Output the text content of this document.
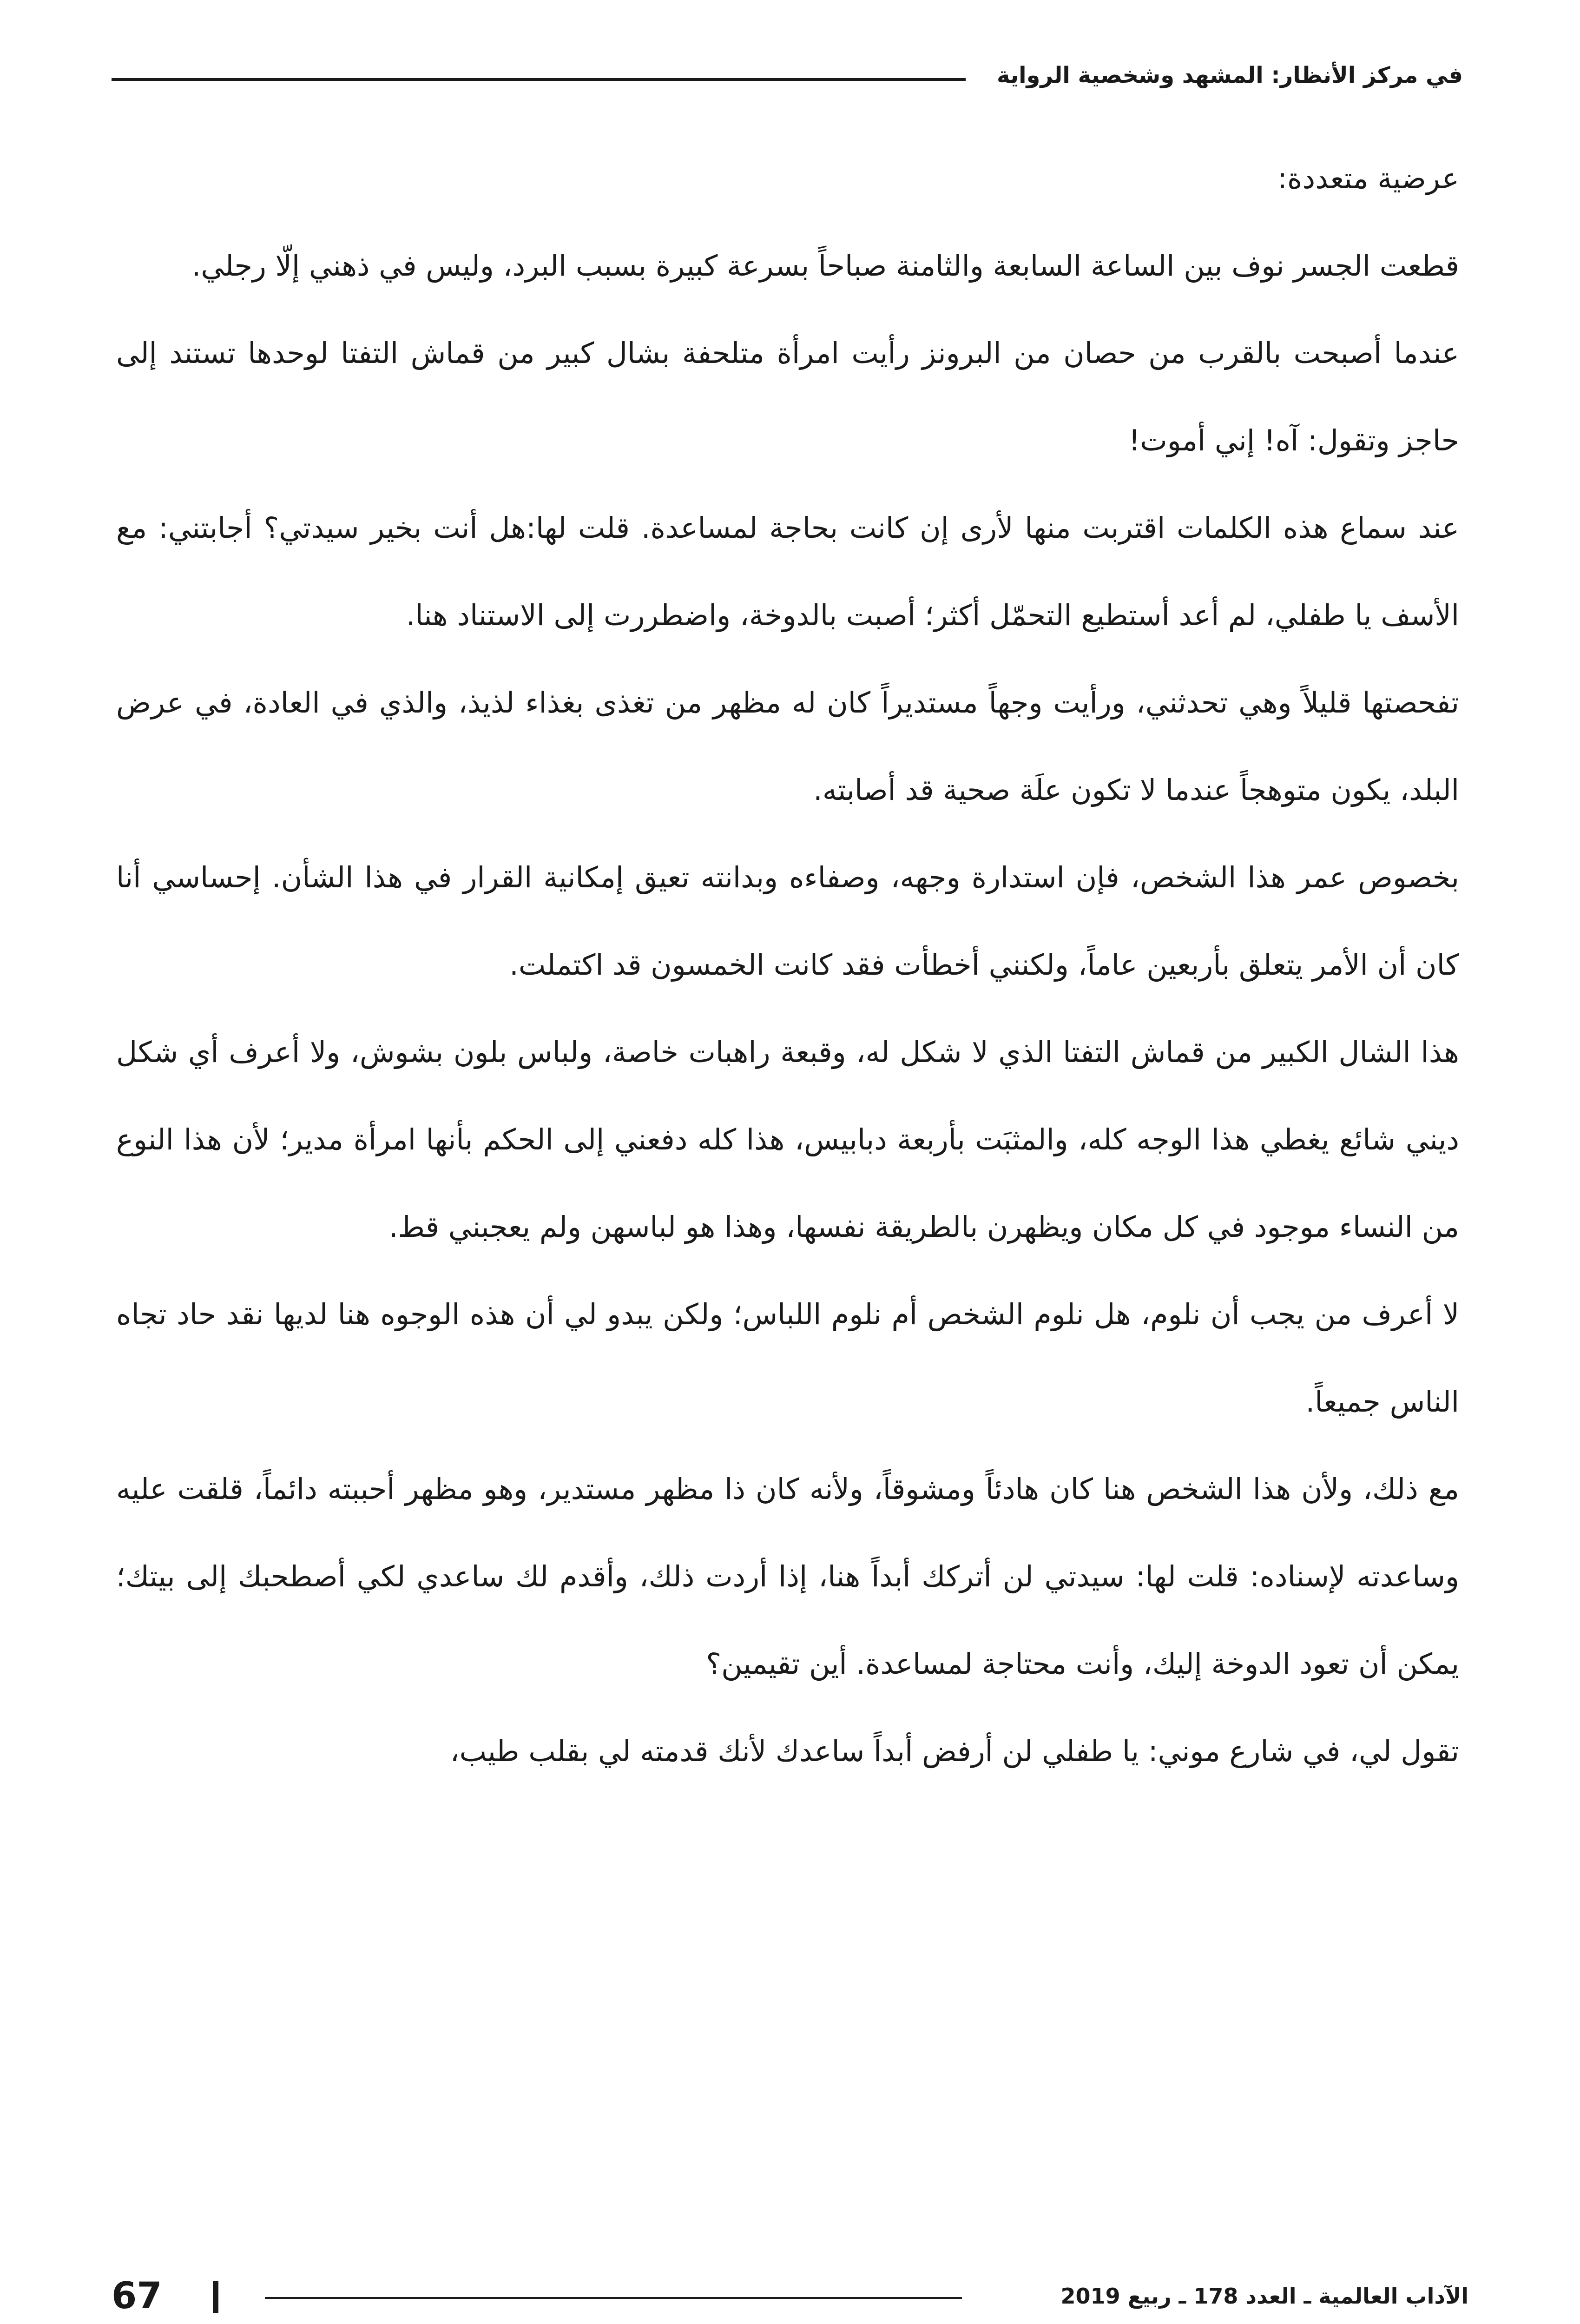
في مركز الأنظار: المشهد وشخصية الرواية

عرضية متعددة:

قطعت الجسر نوف بين الساعة السابعة والثامنة صباحاً بسرعة كبيرة بسبب البرد، وليس في ذهني إلّا رجلي.

عندما أصبحت بالقرب من حصان من البرونز رأيت امرأة متلحفة بشال كبير من قماش التفتا لوحدها تستند إلى حاجز وتقول: آه! إني أموت!

عند سماع هذه الكلمات اقتربت منها لأرى إن كانت بحاجة لمساعدة. قلت لها:هل أنت بخير سيدتي؟ أجابتني: مع الأسف يا طفلي، لم أعد أستطيع التحمّل أكثر؛ أصبت بالدوخة، واضطررت إلى الاستناد هنا.

تفحصتها قليلاً وهي تحدثني، ورأيت وجهاً مستديراً كان له مظهر من تغذى بغذاء لذيذ، والذي في العادة، في عرض البلد، يكون متوهجاً عندما لا تكون علَة صحية قد أصابته.

بخصوص عمر هذا الشخص، فإن استدارة وجهه، وصفاءه وبدانته تعيق إمكانية القرار في هذا الشأن. إحساسي أنا كان أن الأمر يتعلق بأربعين عاماً، ولكنني أخطأت فقد كانت الخمسون قد اكتملت.

هذا الشال الكبير من قماش التفتا الذي لا شكل له، وقبعة راهبات خاصة، ولباس بلون بشوش، ولا أعرف أي شكل ديني شائع يغطي هذا الوجه كله، والمثبَت بأربعة دبابيس، هذا كله دفعني إلى الحكم بأنها امرأة مدير؛ لأن هذا النوع من النساء موجود في كل مكان ويظهرن بالطريقة نفسها، وهذا هو لباسهن ولم يعجبني قط.

لا أعرف من يجب أن نلوم، هل نلوم الشخص أم نلوم اللباس؛ ولكن يبدو لي أن هذه الوجوه هنا لديها نقد حاد تجاه الناس جميعاً.

مع ذلك، ولأن هذا الشخص هنا كان هادئاً ومشوقاً، ولأنه كان ذا مظهر مستدير، وهو مظهر أحببته دائماً، قلقت عليه وساعدته لإسناده: قلت لها: سيدتي لن أتركك أبداً هنا، إذا أردت ذلك، وأقدم لك ساعدي لكي أصطحبك إلى بيتك؛ يمكن أن تعود الدوخة إليك، وأنت محتاجة لمساعدة. أين تقيمين؟

تقول لي، في شارع موني: يا طفلي لن أرفض أبداً ساعدك لأنك قدمته لي بقلب طيب،

67	الآداب العالمية ـ العدد 178 ـ ربيع 2019
